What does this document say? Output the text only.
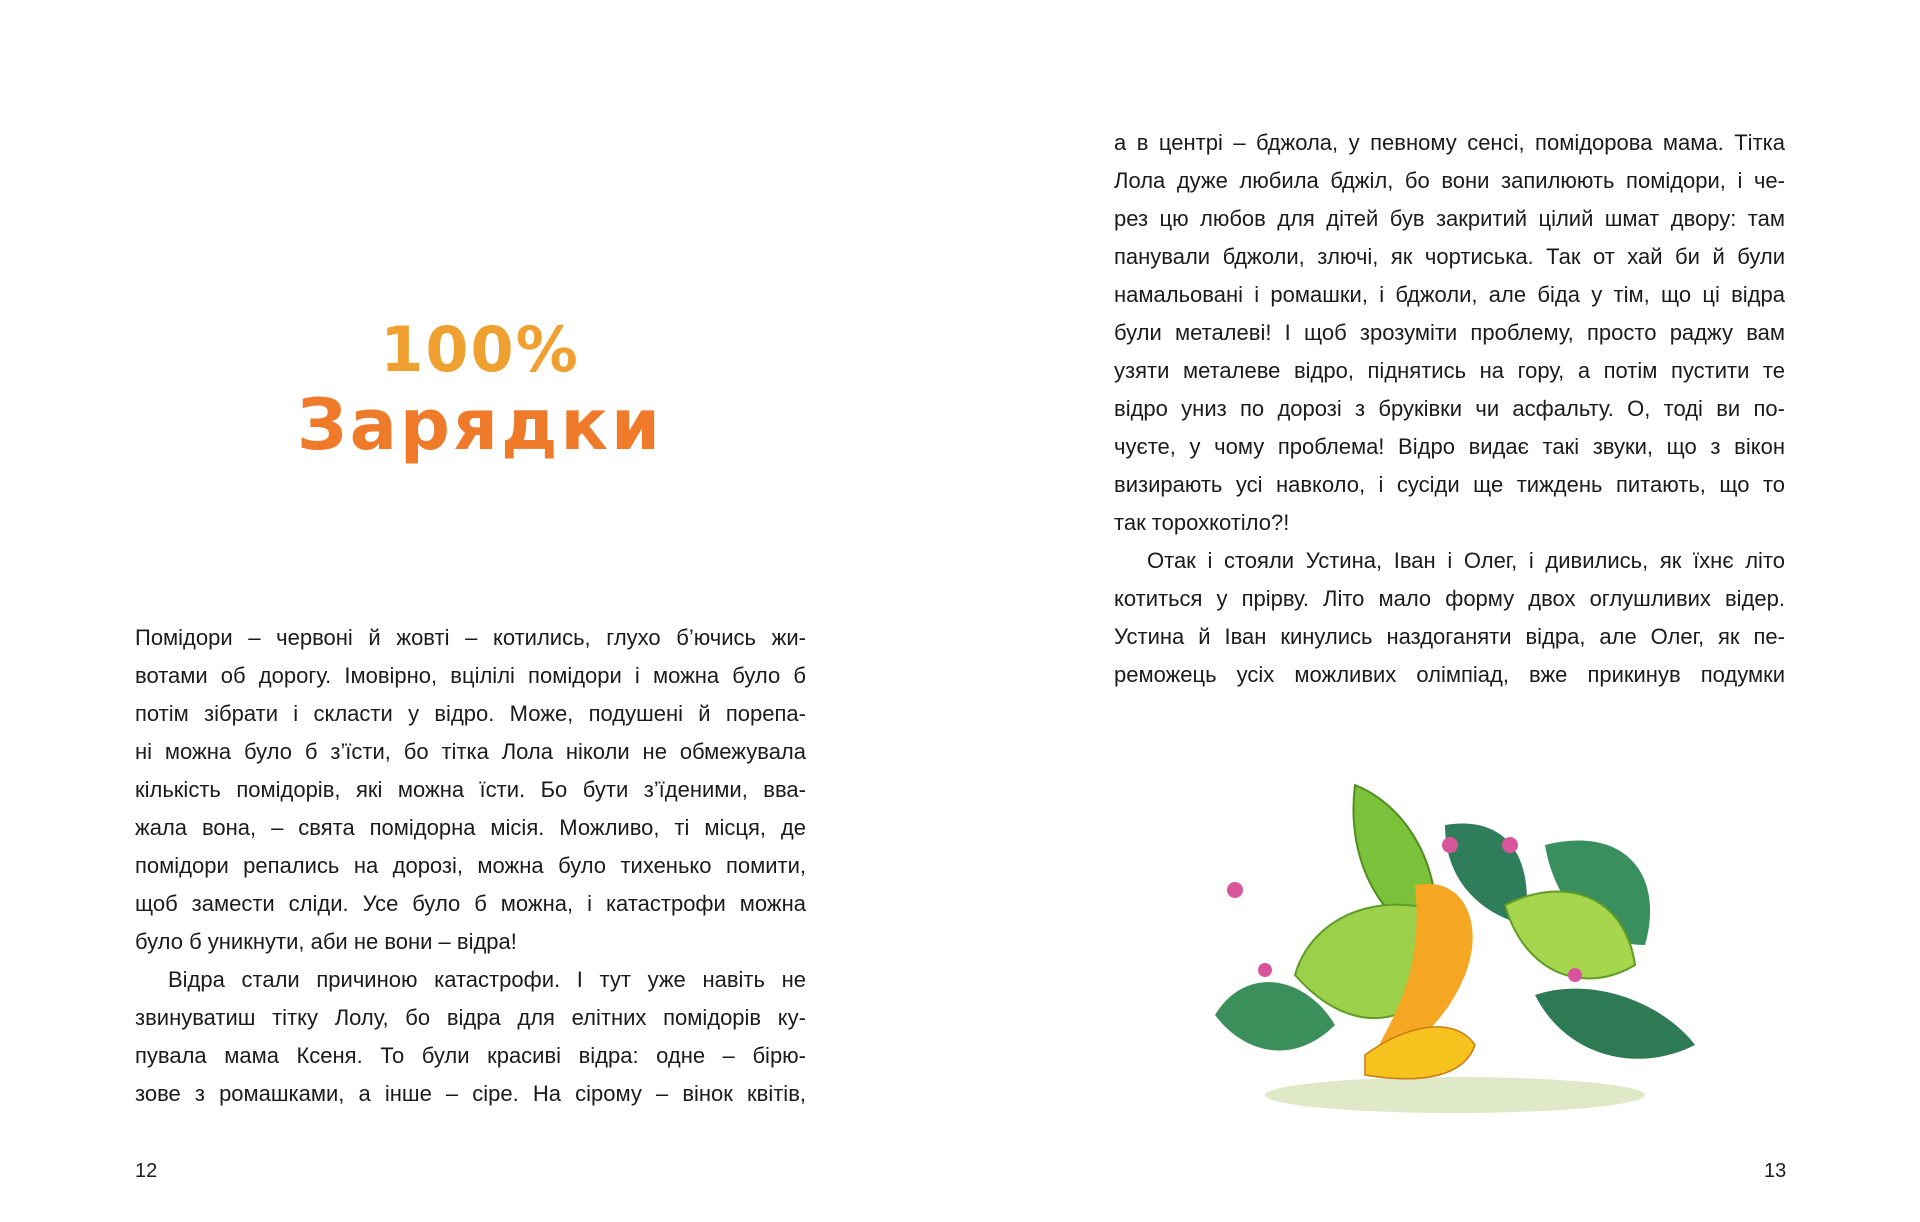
100%
Зарядки
Помідори – червоні й жовті – котились, глухо б’ючись жи-
вотами об дорогу. Імовірно, вцілілі помідори і можна було б
потім зібрати і скласти у відро. Може, подушені й порепа-
ні можна було б з’їсти, бо тітка Лола ніколи не обмежувала
кількість помідорів, які можна їсти. Бо бути з’їденими, вва-
жала вона, – свята помідорна місія. Можливо, ті місця, де
помідори репались на дорозі, можна було тихенько помити,
щоб замести сліди. Усе було б можна, і катастрофи можна
було б уникнути, аби не вони – відра!
Відра стали причиною катастрофи. І тут уже навіть не
звинуватиш тітку Лолу, бо відра для елітних помідорів ку-
пувала мама Ксеня. То були красиві відра: одне – бірю-
зове з ромашками, а інше – сіре. На сірому – вінок квітів,
12
а в центрі – бджола, у певному сенсі, помідорова мама. Тітка
Лола дуже любила бджіл, бо вони запилюють помідори, і че-
рез цю любов для дітей був закритий цілий шмат двору: там
панували бджоли, злючі, як чортиська. Так от хай би й були
намальовані і ромашки, і бджоли, але біда у тім, що ці відра
були металеві! І щоб зрозуміти проблему, просто раджу вам
узяти металеве відро, піднятись на гору, а потім пустити те
відро униз по дорозі з бруківки чи асфальту. О, тоді ви по-
чуєте, у чому проблема! Відро видає такі звуки, що з вікон
визирають усі навколо, і сусіди ще тиждень питають, що то
так торохкотіло?!
Отак і стояли Устина, Іван і Олег, і дивились, як їхнє літо
котиться у прірву. Літо мало форму двох оглушливих відер.
Устина й Іван кинулись наздоганяти відра, але Олег, як пе-
реможець усіх можливих олімпіад, вже прикинув подумки
13
